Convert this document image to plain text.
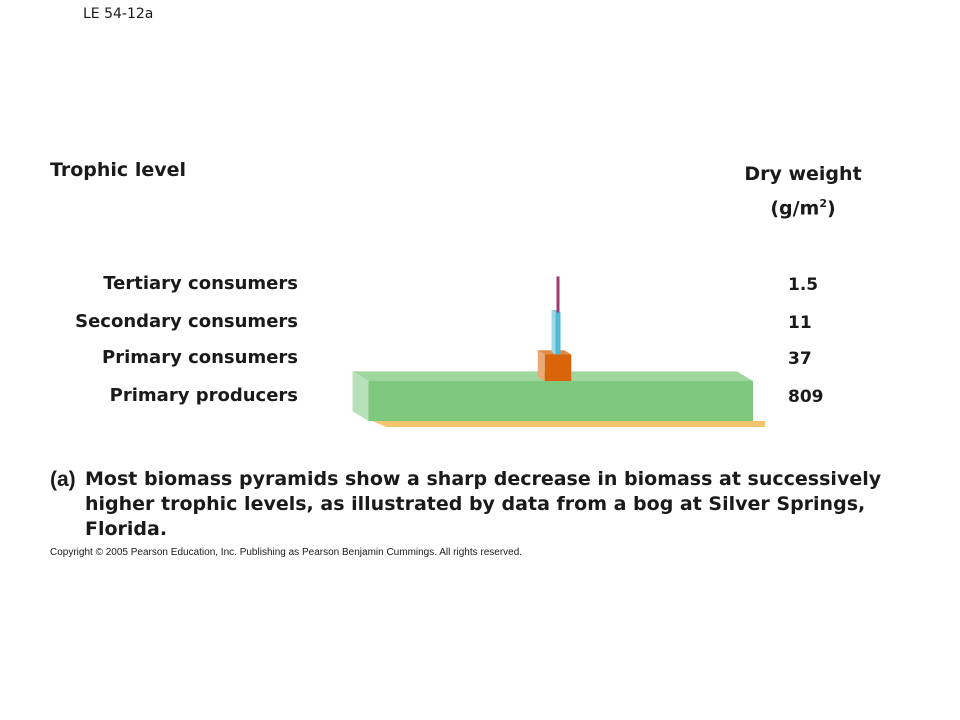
LE 54-12a
Trophic level	Dry weight
$(g/m^2)$
Tertiary consumers
Secondary consumers
Primary consumers
Primary producers
1.5
11
37
809
(a) Most biomass pyramids show a sharp decrease in biomass at successively higher trophic levels, as illustrated by data from a bog at Silver Springs, Florida.
Copyright © 2005 Pearson Education, Inc. Publishing as Pearson Benjamin Cummings. All rights reserved.
